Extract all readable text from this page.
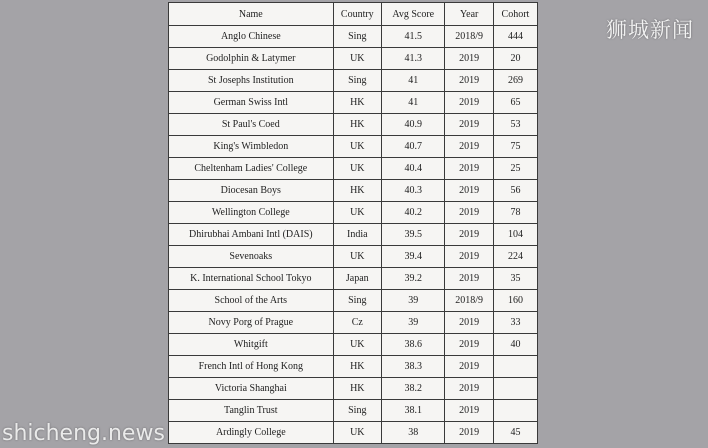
Name	Country	Avg Score	Year	Cohort
Anglo Chinese	Sing	41.5	2018/9	444
Godolphin & Latymer	UK	41.3	2019	20
St Josephs Institution	Sing	41	2019	269
German Swiss Intl	HK	41	2019	65
St Paul's Coed	HK	40.9	2019	53
King's Wimbledon	UK	40.7	2019	75
Cheltenham Ladies' College	UK	40.4	2019	25
Diocesan Boys	HK	40.3	2019	56
Wellington College	UK	40.2	2019	78
Dhirubhai Ambani Intl (DAIS)	India	39.5	2019	104
Sevenoaks	UK	39.4	2019	224
K. International School Tokyo	Japan	39.2	2019	35
School of the Arts	Sing	39	2018/9	160
Novy Porg of Prague	Cz	39	2019	33
Whitgift	UK	38.6	2019	40
French Intl of Hong Kong	HK	38.3	2019	
Victoria Shanghai	HK	38.2	2019	
Tanglin Trust	Sing	38.1	2019	
Ardingly College	UK	38	2019	45
狮城新闻
shicheng.news
